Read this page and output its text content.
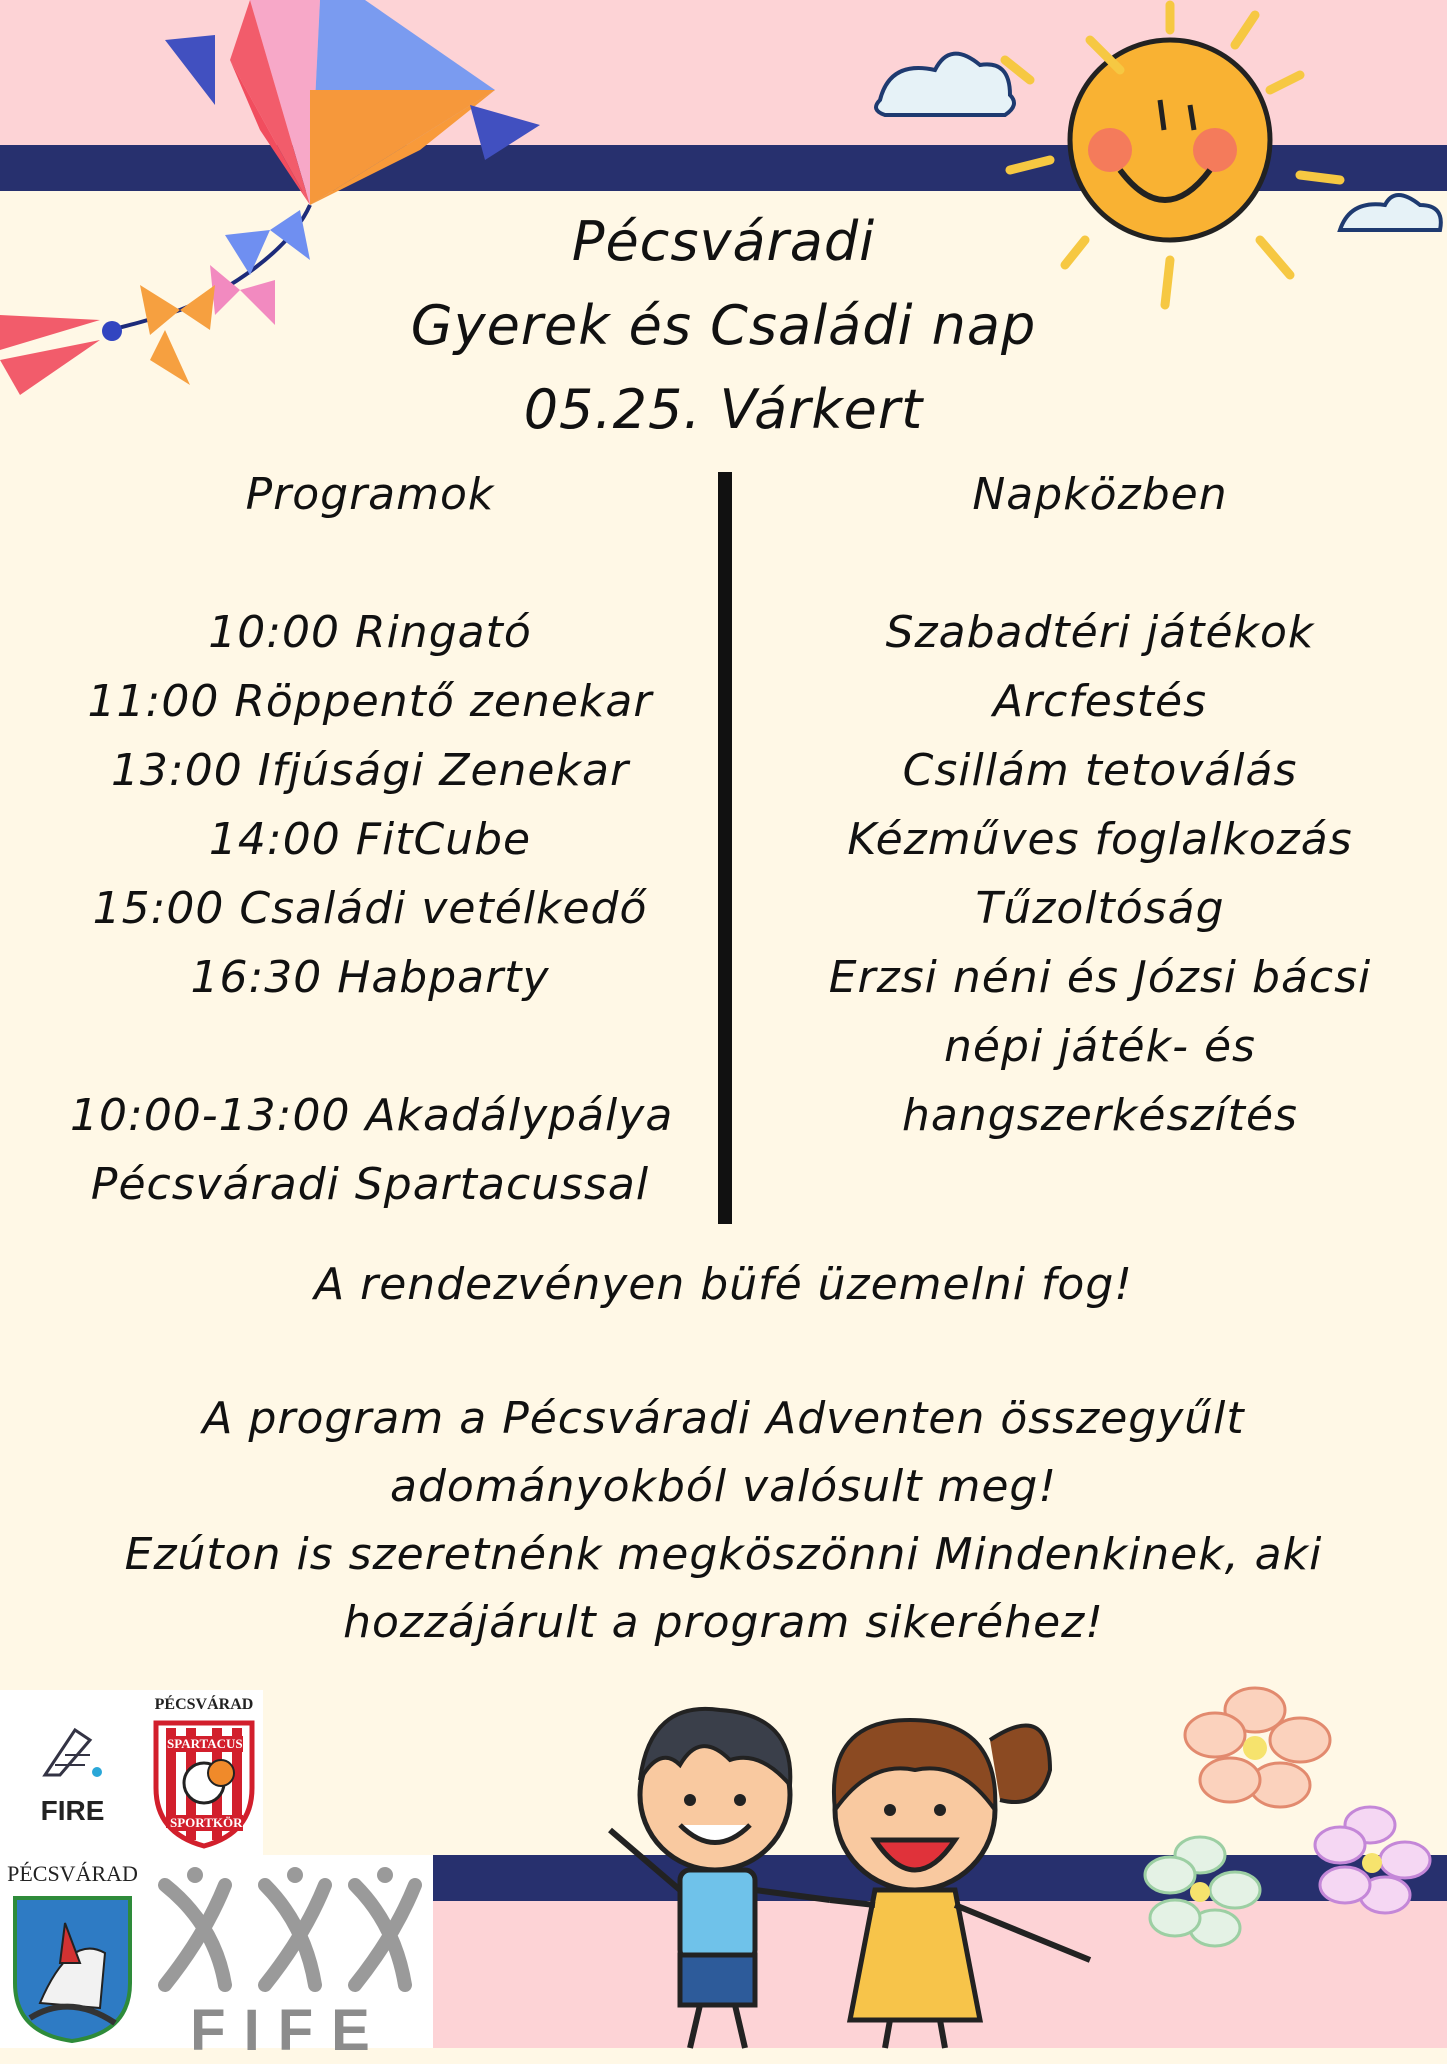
Pécsváradi
Gyerek és Családi nap
05.25. Várkert
Programok
10:00 Ringató
11:00 Röppentő zenekar
13:00 Ifjúsági Zenekar
14:00 FitCube
15:00 Családi vetélkedő
16:30 Habparty
10:00-13:00 Akadálypálya
Pécsváradi Spartacussal
Napközben
Szabadtéri játékok
Arcfestés
Csillám tetoválás
Kézműves foglalkozás
Tűzoltóság
Erzsi néni és Józsi bácsi
népi játék- és
hangszerkészítés
A rendezvényen büfé üzemelni fog!
A program a Pécsváradi Adventen összegyűlt
adományokból valósult meg!
Ezúton is szeretnénk megköszönni Mindenkinek, aki
hozzájárult a program sikeréhez!
FIRE
PÉCSVÁRAD
SPARTACUS
SPORTKÖR
PÉCSVÁRAD
FIFE
